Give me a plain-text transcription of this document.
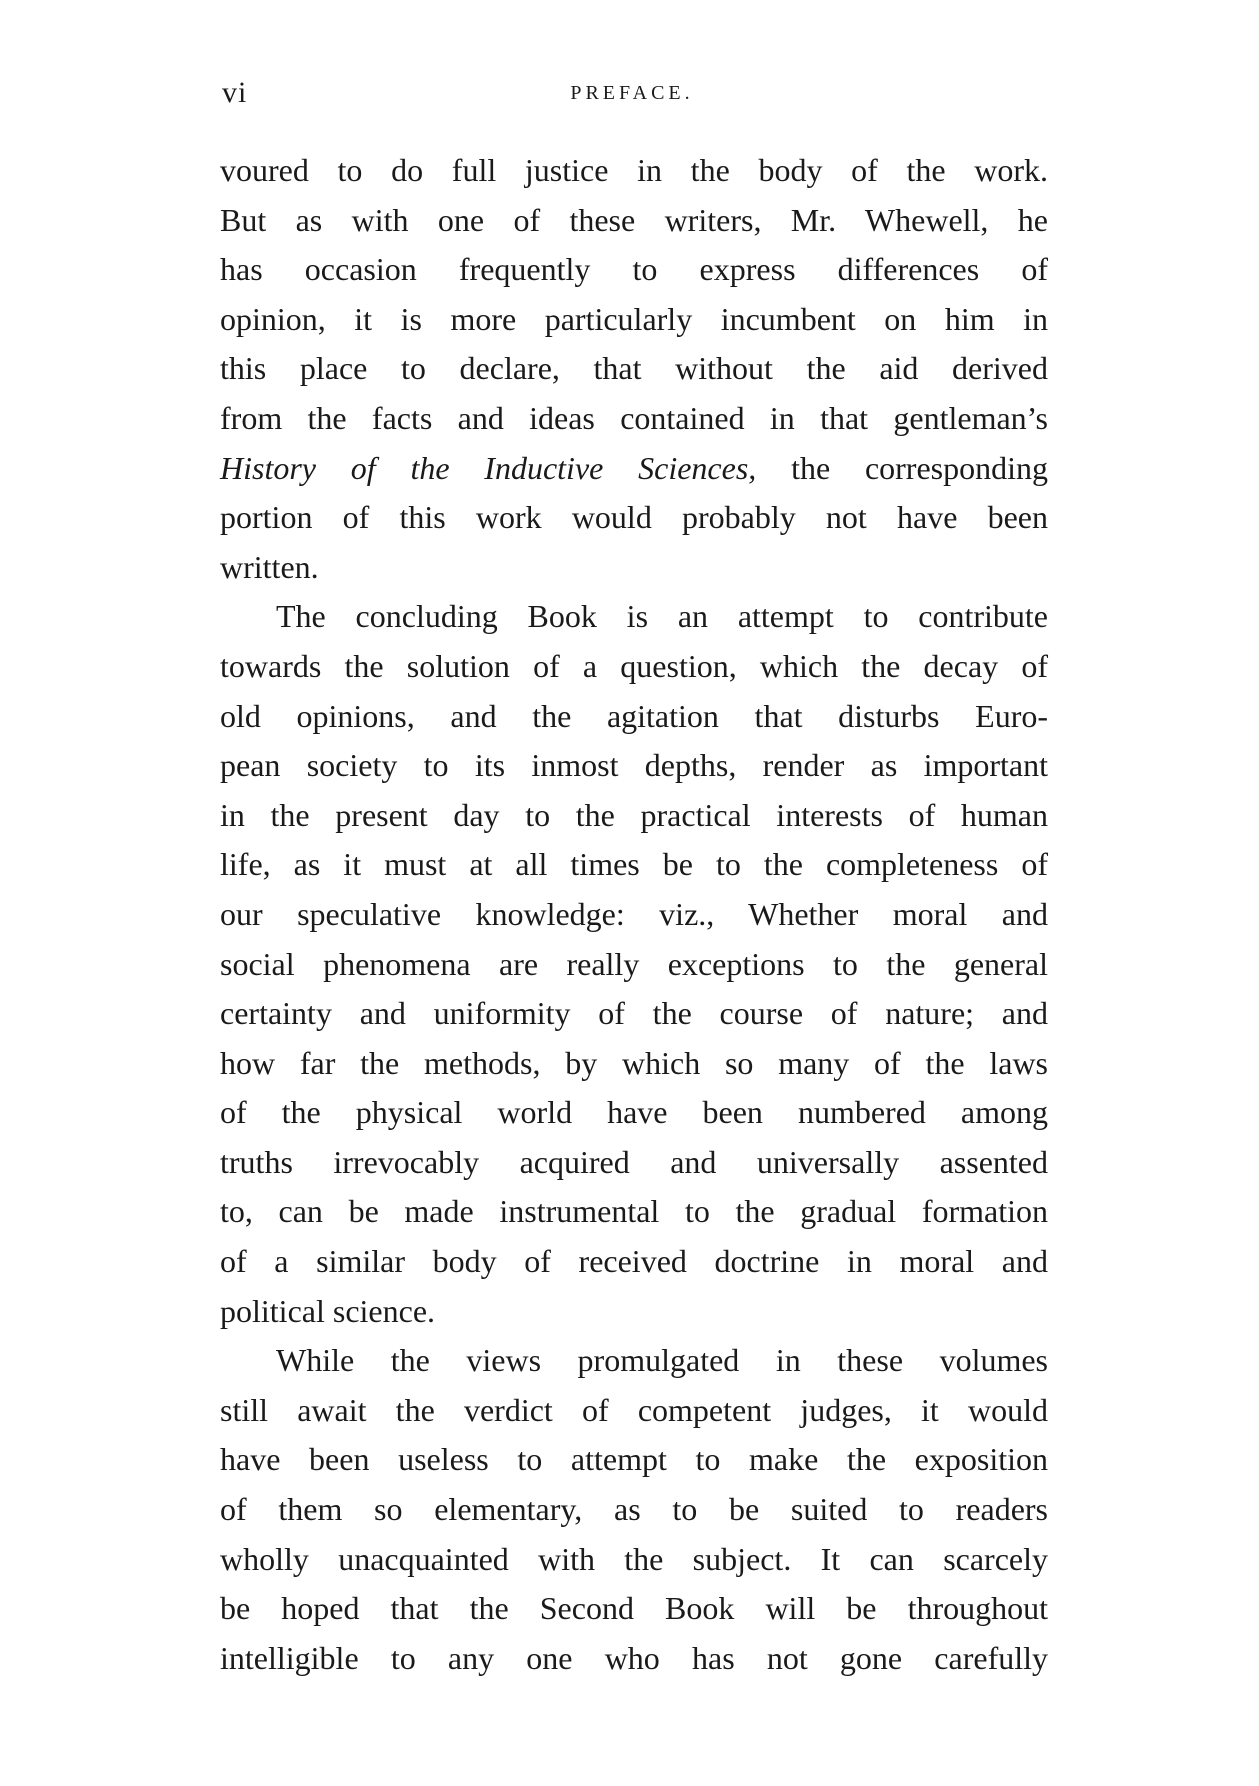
vi	PREFACE.
voured to do full justice in the body of the work.
But as with one of these writers, Mr. Whewell, he
has occasion frequently to express differences of
opinion, it is more particularly incumbent on him in
this place to declare, that without the aid derived
from the facts and ideas contained in that gentleman’s
History of the Inductive Sciences, the corresponding
portion of this work would probably not have been
written.
The concluding Book is an attempt to contribute
towards the solution of a question, which the decay of
old opinions, and the agitation that disturbs Euro-
pean society to its inmost depths, render as important
in the present day to the practical interests of human
life, as it must at all times be to the completeness of
our speculative knowledge: viz., Whether moral and
social phenomena are really exceptions to the general
certainty and uniformity of the course of nature; and
how far the methods, by which so many of the laws
of the physical world have been numbered among
truths irrevocably acquired and universally assented
to, can be made instrumental to the gradual formation
of a similar body of received doctrine in moral and
political science.
While the views promulgated in these volumes
still await the verdict of competent judges, it would
have been useless to attempt to make the exposition
of them so elementary, as to be suited to readers
wholly unacquainted with the subject. It can scarcely
be hoped that the Second Book will be throughout
intelligible to any one who has not gone carefully
